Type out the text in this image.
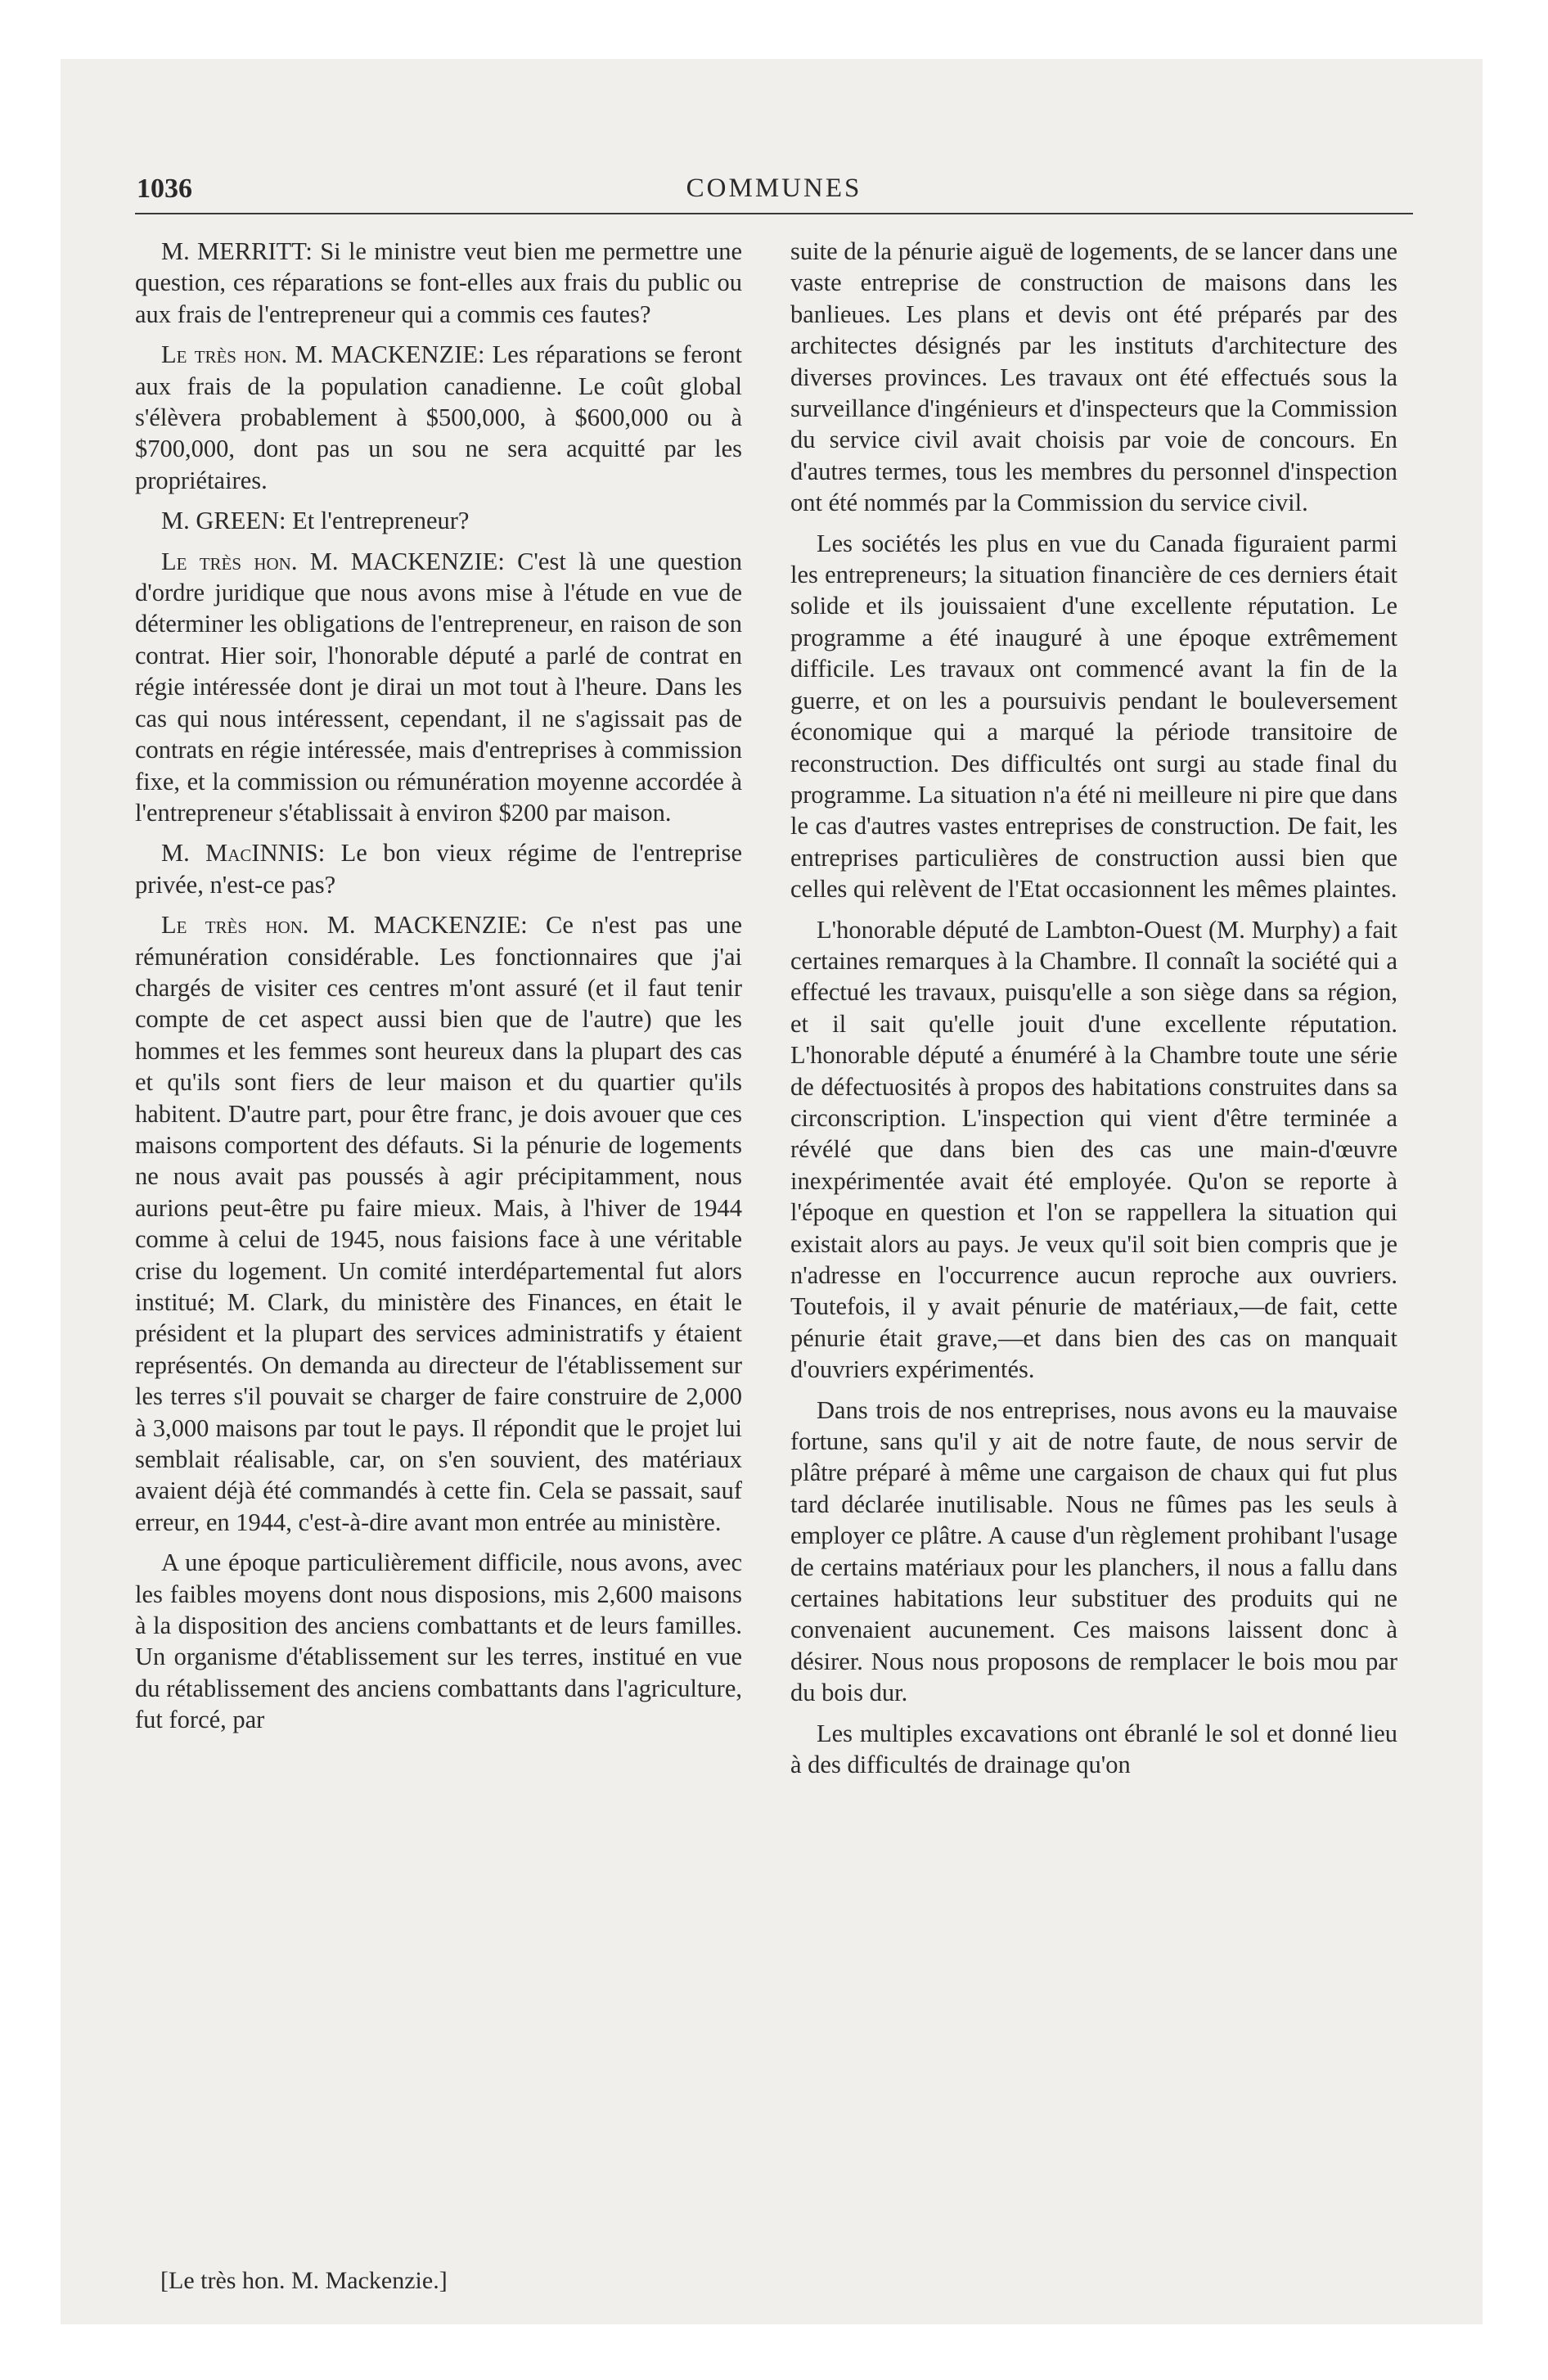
1036	COMMUNES

M. MERRITT: Si le ministre veut bien me permettre une question, ces réparations se font-elles aux frais du public ou aux frais de l'entrepreneur qui a commis ces fautes?

Le très hon. M. MACKENZIE: Les réparations se feront aux frais de la population canadienne. Le coût global s'élèvera probablement à $500,000, à $600,000 ou à $700,000, dont pas un sou ne sera acquitté par les propriétaires.

M. GREEN: Et l'entrepreneur?

Le très hon. M. MACKENZIE: C'est là une question d'ordre juridique que nous avons mise à l'étude en vue de déterminer les obligations de l'entrepreneur, en raison de son contrat. Hier soir, l'honorable député a parlé de contrat en régie intéressée dont je dirai un mot tout à l'heure. Dans les cas qui nous intéressent, cependant, il ne s'agissait pas de contrats en régie intéressée, mais d'entreprises à commission fixe, et la commission ou rémunération moyenne accordée à l'entrepreneur s'établissait à environ $200 par maison.

M. MacINNIS: Le bon vieux régime de l'entreprise privée, n'est-ce pas?

Le très hon. M. MACKENZIE: Ce n'est pas une rémunération considérable. Les fonctionnaires que j'ai chargés de visiter ces centres m'ont assuré (et il faut tenir compte de cet aspect aussi bien que de l'autre) que les hommes et les femmes sont heureux dans la plupart des cas et qu'ils sont fiers de leur maison et du quartier qu'ils habitent. D'autre part, pour être franc, je dois avouer que ces maisons comportent des défauts. Si la pénurie de logements ne nous avait pas poussés à agir précipitamment, nous aurions peut-être pu faire mieux. Mais, à l'hiver de 1944 comme à celui de 1945, nous faisions face à une véritable crise du logement. Un comité interdépartemental fut alors institué; M. Clark, du ministère des Finances, en était le président et la plupart des services administratifs y étaient représentés. On demanda au directeur de l'établissement sur les terres s'il pouvait se charger de faire construire de 2,000 à 3,000 maisons par tout le pays. Il répondit que le projet lui semblait réalisable, car, on s'en souvient, des matériaux avaient déjà été commandés à cette fin. Cela se passait, sauf erreur, en 1944, c'est-à-dire avant mon entrée au ministère.

A une époque particulièrement difficile, nous avons, avec les faibles moyens dont nous disposions, mis 2,600 maisons à la disposition des anciens combattants et de leurs familles. Un organisme d'établissement sur les terres, institué en vue du rétablissement des anciens combattants dans l'agriculture, fut forcé, par

suite de la pénurie aiguë de logements, de se lancer dans une vaste entreprise de construction de maisons dans les banlieues. Les plans et devis ont été préparés par des architectes désignés par les instituts d'architecture des diverses provinces. Les travaux ont été effectués sous la surveillance d'ingénieurs et d'inspecteurs que la Commission du service civil avait choisis par voie de concours. En d'autres termes, tous les membres du personnel d'inspection ont été nommés par la Commission du service civil.

Les sociétés les plus en vue du Canada figuraient parmi les entrepreneurs; la situation financière de ces derniers était solide et ils jouissaient d'une excellente réputation. Le programme a été inauguré à une époque extrêmement difficile. Les travaux ont commencé avant la fin de la guerre, et on les a poursuivis pendant le bouleversement économique qui a marqué la période transitoire de reconstruction. Des difficultés ont surgi au stade final du programme. La situation n'a été ni meilleure ni pire que dans le cas d'autres vastes entreprises de construction. De fait, les entreprises particulières de construction aussi bien que celles qui relèvent de l'Etat occasionnent les mêmes plaintes.

L'honorable député de Lambton-Ouest (M. Murphy) a fait certaines remarques à la Chambre. Il connaît la société qui a effectué les travaux, puisqu'elle a son siège dans sa région, et il sait qu'elle jouit d'une excellente réputation. L'honorable député a énuméré à la Chambre toute une série de défectuosités à propos des habitations construites dans sa circonscription. L'inspection qui vient d'être terminée a révélé que dans bien des cas une main-d'œuvre inexpérimentée avait été employée. Qu'on se reporte à l'époque en question et l'on se rappellera la situation qui existait alors au pays. Je veux qu'il soit bien compris que je n'adresse en l'occurrence aucun reproche aux ouvriers. Toutefois, il y avait pénurie de matériaux,—de fait, cette pénurie était grave,—et dans bien des cas on manquait d'ouvriers expérimentés.

Dans trois de nos entreprises, nous avons eu la mauvaise fortune, sans qu'il y ait de notre faute, de nous servir de plâtre préparé à même une cargaison de chaux qui fut plus tard déclarée inutilisable. Nous ne fûmes pas les seuls à employer ce plâtre. A cause d'un règlement prohibant l'usage de certains matériaux pour les planchers, il nous a fallu dans certaines habitations leur substituer des produits qui ne convenaient aucunement. Ces maisons laissent donc à désirer. Nous nous proposons de remplacer le bois mou par du bois dur.

Les multiples excavations ont ébranlé le sol et donné lieu à des difficultés de drainage qu'on

[Le très hon. M. Mackenzie.]
